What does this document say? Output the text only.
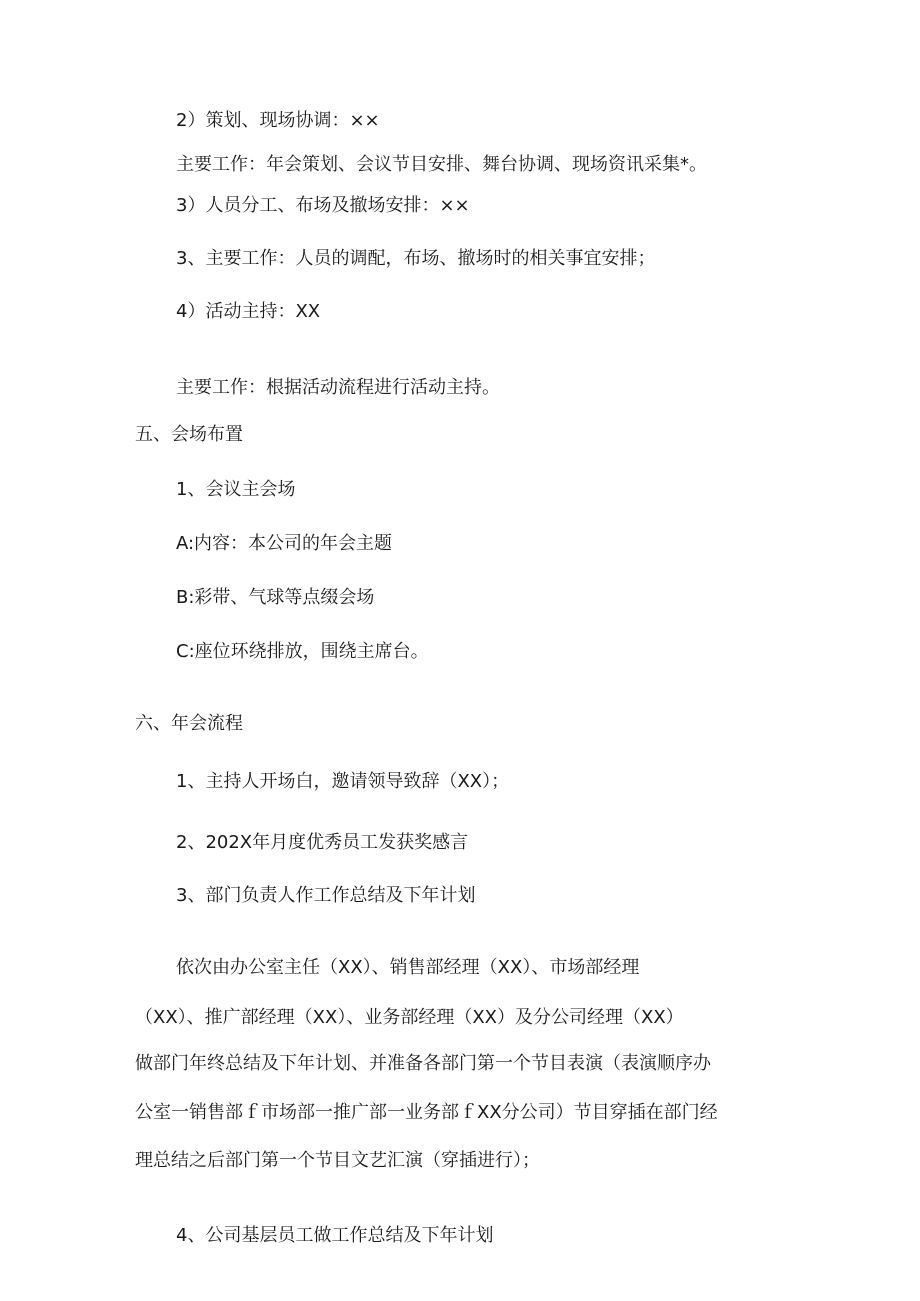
2）策划、现场协调：××
主要工作：年会策划、会议节目安排、舞台协调、现场资讯采集*。
3）人员分工、布场及撤场安排：××
3、主要工作：人员的调配，布场、撤场时的相关事宜安排；
4）活动主持：XX
主要工作：根据活动流程进行活动主持。
五、会场布置
1、会议主会场
A:内容：本公司的年会主题
B:彩带、气球等点缀会场
C:座位环绕排放，围绕主席台。
六、年会流程
1、主持人开场白，邀请领导致辞（XX）；
2、202X年月度优秀员工发获奖感言
3、部门负责人作工作总结及下年计划
依次由办公室主任（XX）、销售部经理（XX）、市场部经理
（XX）、推广部经理（XX）、业务部经理（XX）及分公司经理（XX）
做部门年终总结及下年计划、并准备各部门第一个节目表演（表演顺序办
公室一销售部ｆ市场部一推广部一业务部ｆXX分公司）节目穿插在部门经
理总结之后部门第一个节目文艺汇演（穿插进行）；
4、公司基层员工做工作总结及下年计划
